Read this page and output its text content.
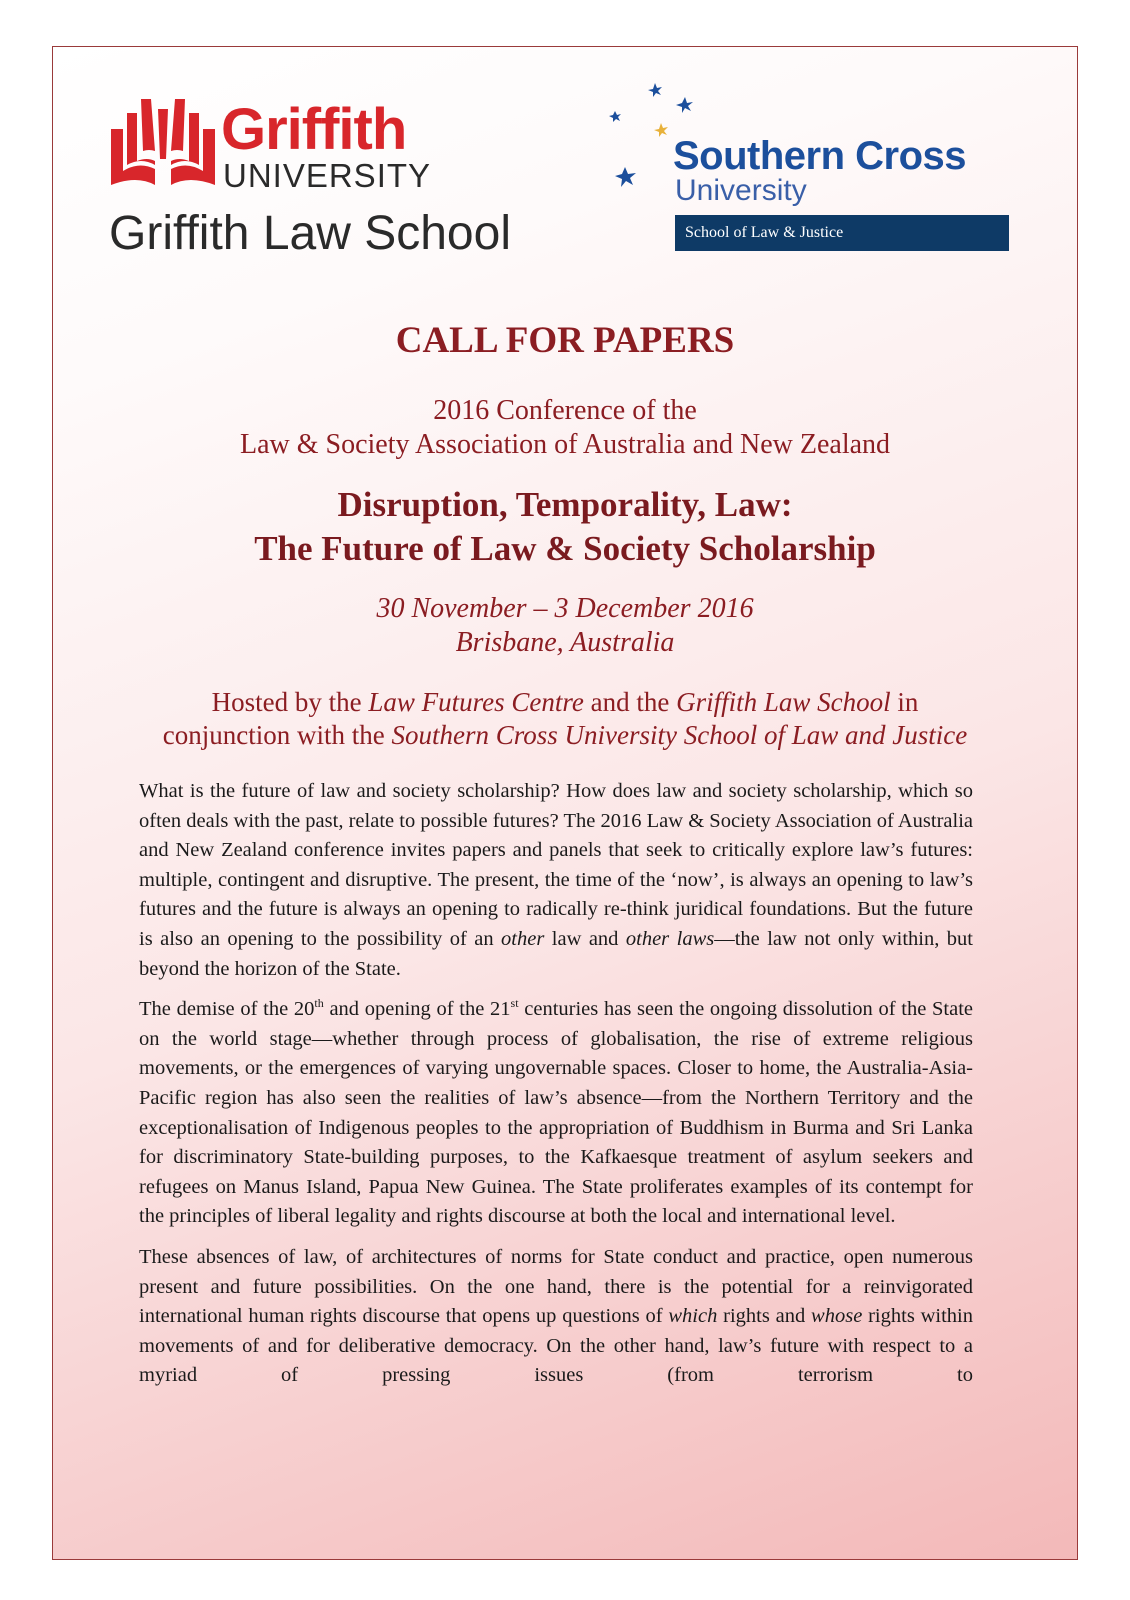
Griffith
UNIVERSITY
Griffith Law School
Southern Cross
University
School of Law & Justice
CALL FOR PAPERS
2016 Conference of the
Law & Society Association of Australia and New Zealand
Disruption, Temporality, Law:
The Future of Law & Society Scholarship
30 November – 3 December 2016
Brisbane, Australia
Hosted by the Law Futures Centre and the Griffith Law School in
conjunction with the Southern Cross University School of Law and Justice

What is the future of law and society scholarship? How does law and society scholarship, which so often deals with the past, relate to possible futures? The 2016 Law & Society Association of Australia and New Zealand conference invites papers and panels that seek to critically explore law’s futures: multiple, contingent and disruptive. The present, the time of the ‘now’, is always an opening to law’s futures and the future is always an opening to radically re-think juridical foundations. But the future is also an opening to the possibility of an other law and other laws—the law not only within, but beyond the horizon of the State.

The demise of the 20th and opening of the 21st centuries has seen the ongoing dissolution of the State on the world stage—whether through process of globalisation, the rise of extreme religious movements, or the emergences of varying ungovernable spaces. Closer to home, the Australia-Asia-Pacific region has also seen the realities of law’s absence—from the Northern Territory and the exceptionalisation of Indigenous peoples to the appropriation of Buddhism in Burma and Sri Lanka for discriminatory State-building purposes, to the Kafkaesque treatment of asylum seekers and refugees on Manus Island, Papua New Guinea. The State proliferates examples of its contempt for the principles of liberal legality and rights discourse at both the local and international level.

These absences of law, of architectures of norms for State conduct and practice, open numerous present and future possibilities. On the one hand, there is the potential for a reinvigorated international human rights discourse that opens up questions of which rights and whose rights within movements of and for deliberative democracy. On the other hand, law’s future with respect to a myriad of pressing issues (from terrorism to
